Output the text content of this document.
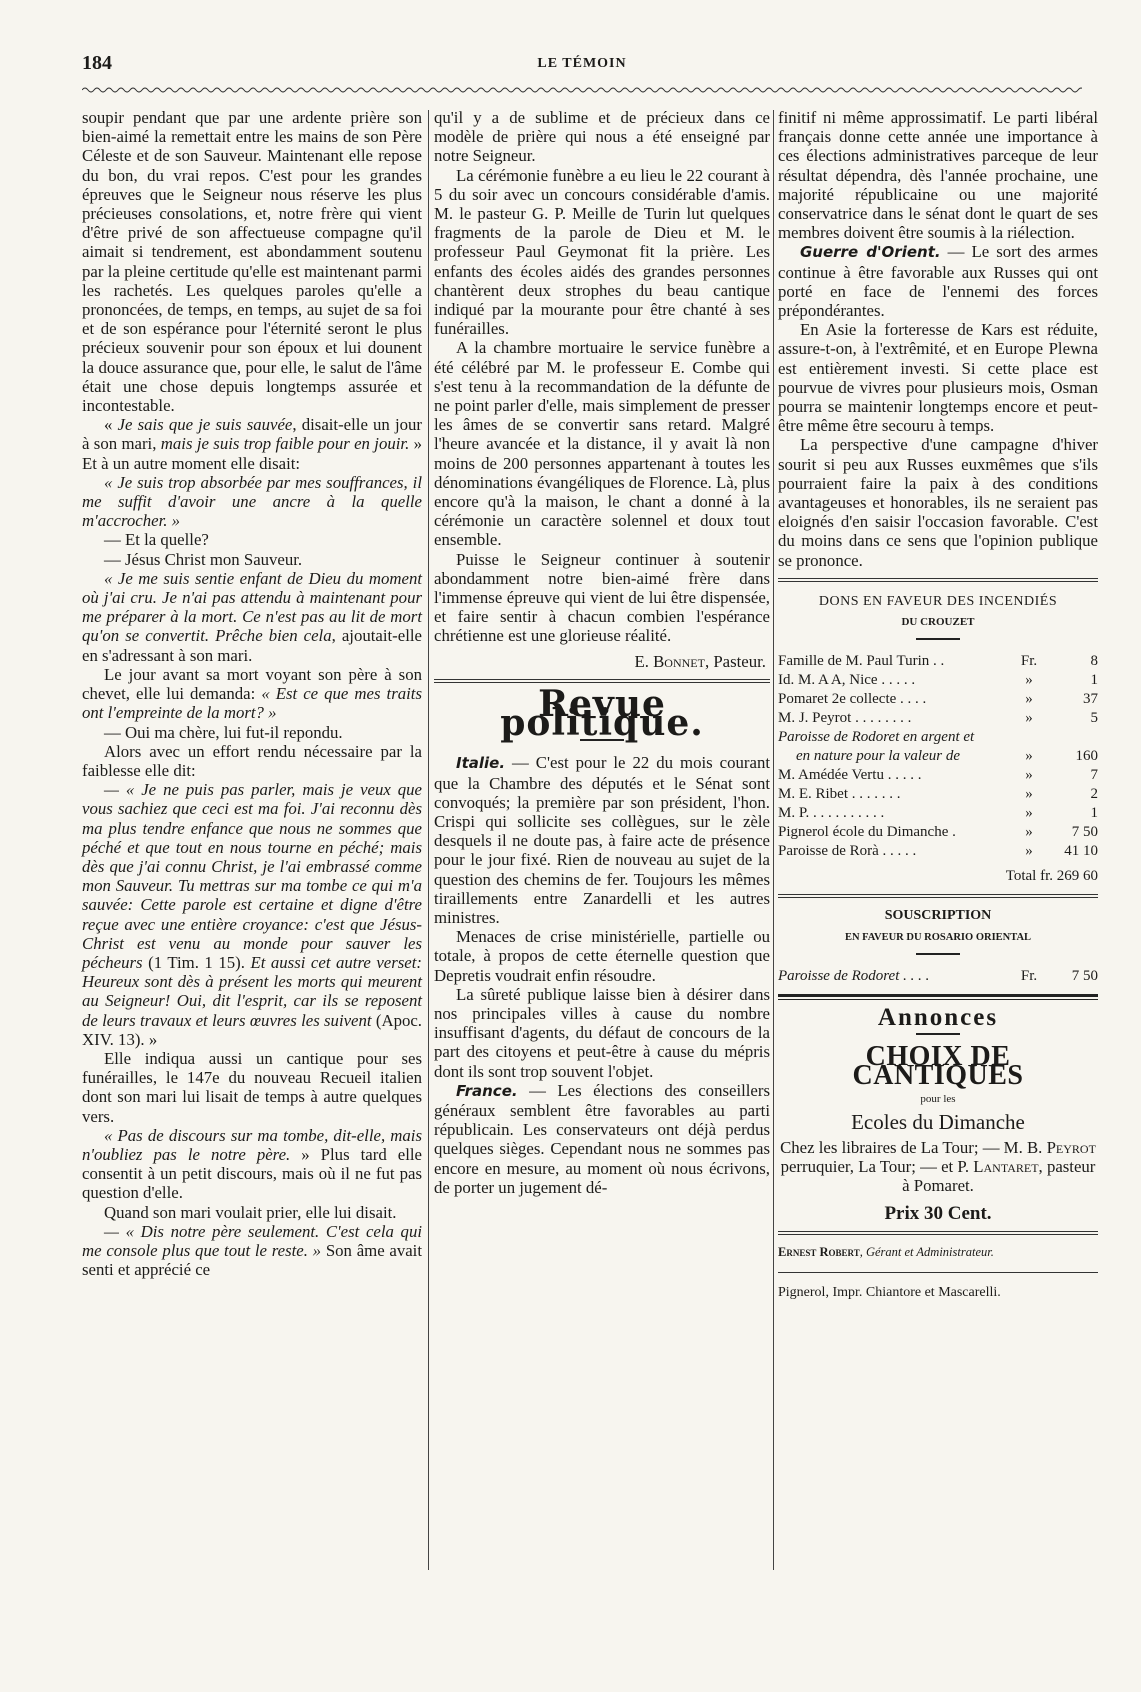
184	LE TÉMOIN

soupir pendant que par une ardente prière son bien-aimé la remettait entre les mains de son Père Céleste et de son Sauveur. Maintenant elle repose du bon, du vrai repos. C'est pour les grandes épreuves que le Seigneur nous réserve les plus précieuses consolations, et, notre frère qui vient d'être privé de son affectueuse compagne qu'il aimait si tendrement, est abondamment soutenu par la pleine certitude qu'elle est maintenant parmi les rachetés. Les quelques paroles qu'elle a prononcées, de temps, en temps, au sujet de sa foi et de son espérance pour l'éternité seront le plus précieux souvenir pour son époux et lui dounent la douce assurance que, pour elle, le salut de l'âme était une chose depuis longtemps assurée et incontestable.

« Je sais que je suis sauvée, disait-elle un jour à son mari, mais je suis trop faible pour en jouir. » Et à un autre moment elle disait:

« Je suis trop absorbée par mes souffrances, il me suffit d'avoir une ancre à la quelle m'accrocher. »

— Et la quelle?

— Jésus Christ mon Sauveur.

« Je me suis sentie enfant de Dieu du moment où j'ai cru. Je n'ai pas attendu à maintenant pour me préparer à la mort. Ce n'est pas au lit de mort qu'on se convertit. Prêche bien cela, ajoutait-elle en s'adressant à son mari.

Le jour avant sa mort voyant son père à son chevet, elle lui demanda: « Est ce que mes traits ont l'empreinte de la mort? »

— Oui ma chère, lui fut-il repondu.

Alors avec un effort rendu nécessaire par la faiblesse elle dit:

— « Je ne puis pas parler, mais je veux que vous sachiez que ceci est ma foi. J'ai reconnu dès ma plus tendre enfance que nous ne sommes que péché et que tout en nous tourne en péché; mais dès que j'ai connu Christ, je l'ai embrassé comme mon Sauveur. Tu mettras sur ma tombe ce qui m'a sauvée: Cette parole est certaine et digne d'être reçue avec une entière croyance: c'est que Jésus-Christ est venu au monde pour sauver les pécheurs (1 Tim. 1 15). Et aussi cet autre verset: Heureux sont dès à présent les morts qui meurent au Seigneur! Oui, dit l'esprit, car ils se reposent de leurs travaux et leurs œuvres les suivent (Apoc. XIV. 13). »

Elle indiqua aussi un cantique pour ses funérailles, le 147e du nouveau Recueil italien dont son mari lui lisait de temps à autre quelques vers.

« Pas de discours sur ma tombe, dit-elle, mais n'oubliez pas le notre père. » Plus tard elle consentit à un petit discours, mais où il ne fut pas question d'elle.

Quand son mari voulait prier, elle lui disait.

— « Dis notre père seulement. C'est cela qui me console plus que tout le reste. » Son âme avait senti et apprécié ce

qu'il y a de sublime et de précieux dans ce modèle de prière qui nous a été enseigné par notre Seigneur.

La cérémonie funèbre a eu lieu le 22 courant à 5 du soir avec un concours considérable d'amis. M. le pasteur G. P. Meille de Turin lut quelques fragments de la parole de Dieu et M. le professeur Paul Geymonat fit la prière. Les enfants des écoles aidés des grandes personnes chantèrent deux strophes du beau cantique indiqué par la mourante pour être chanté à ses funérailles.

A la chambre mortuaire le service funèbre a été célébré par M. le professeur E. Combe qui s'est tenu à la recommandation de la défunte de ne point parler d'elle, mais simplement de presser les âmes de se convertir sans retard. Malgré l'heure avancée et la distance, il y avait là non moins de 200 personnes appartenant à toutes les dénominations évangéliques de Florence. Là, plus encore qu'à la maison, le chant a donné à la cérémonie un caractère solennel et doux tout ensemble.

Puisse le Seigneur continuer à soutenir abondamment notre bien-aimé frère dans l'immense épreuve qui vient de lui être dispensée, et faire sentir à chacun combien l'espérance chrétienne est une glorieuse réalité.

E. Bonnet, Pasteur.

Revue politique.

Italie. — C'est pour le 22 du mois courant que la Chambre des députés et le Sénat sont convoqués; la première par son président, l'hon. Crispi qui sollicite ses collègues, sur le zèle desquels il ne doute pas, à faire acte de présence pour le jour fixé. Rien de nouveau au sujet de la question des chemins de fer. Toujours les mêmes tiraillements entre Zanardelli et les autres ministres.

Menaces de crise ministérielle, partielle ou totale, à propos de cette éternelle question que Depretis voudrait enfin résoudre.

La sûreté publique laisse bien à désirer dans nos principales villes à cause du nombre insuffisant d'agents, du défaut de concours de la part des citoyens et peut-être à cause du mépris dont ils sont trop souvent l'objet.

France. — Les élections des conseillers généraux semblent être favorables au parti républicain. Les conservateurs ont déjà perdus quelques sièges. Cependant nous ne sommes pas encore en mesure, au moment où nous écrivons, de porter un jugement dé-

finitif ni même approssimatif. Le parti libéral français donne cette année une importance à ces élections administratives parceque de leur résultat dépendra, dès l'année prochaine, une majorité républicaine ou une majorité conservatrice dans le sénat dont le quart de ses membres doivent être soumis à la riélection.

Guerre d'Orient. — Le sort des armes continue à être favorable aux Russes qui ont porté en face de l'ennemi des forces prépondérantes.

En Asie la forteresse de Kars est réduite, assure-t-on, à l'extrêmité, et en Europe Plewna est entièrement investi. Si cette place est pourvue de vivres pour plusieurs mois, Osman pourra se maintenir longtemps encore et peut-être même être secouru à temps.

La perspective d'une campagne d'hiver sourit si peu aux Russes euxmêmes que s'ils pourraient faire la paix à des conditions avantageuses et honorables, ils ne seraient pas eloignés d'en saisir l'occasion favorable. C'est du moins dans ce sens que l'opinion publique se prononce.

DONS EN FAVEUR DES INCENDIÉS
DU CROUZET
Famille de M. Paul Turin . .	Fr.	8
Id. M. A A, Nice . . . . .	»	1
Pomaret 2e collecte . . . .	»	37
M. J. Peyrot . . . . . . . .	»	5
Paroisse de Rodoret en argent et		
en nature pour la valeur de	»	160
M. Amédée Vertu . . . . .	»	7
M. E. Ribet . . . . . . .	»	2
M. P. . . . . . . . . . .	»	1
Pignerol école du Dimanche .	»	7 50
Paroisse de Rorà . . . . .	»	41 10
Total fr. 269 60
SOUSCRIPTION
EN FAVEUR DU ROSARIO ORIENTAL
Paroisse de Rodoret . . . .	Fr.	7 50
Annonces
CHOIX DE CANTIQUES
pour les
Ecoles du Dimanche

Chez les libraires de La Tour; — M. B. Peyrot perruquier, La Tour; — et P. Lantaret, pasteur à Pomaret.

Prix 30 Cent.

Ernest Robert, Gérant et Administrateur.

Pignerol, Impr. Chiantore et Mascarelli.
